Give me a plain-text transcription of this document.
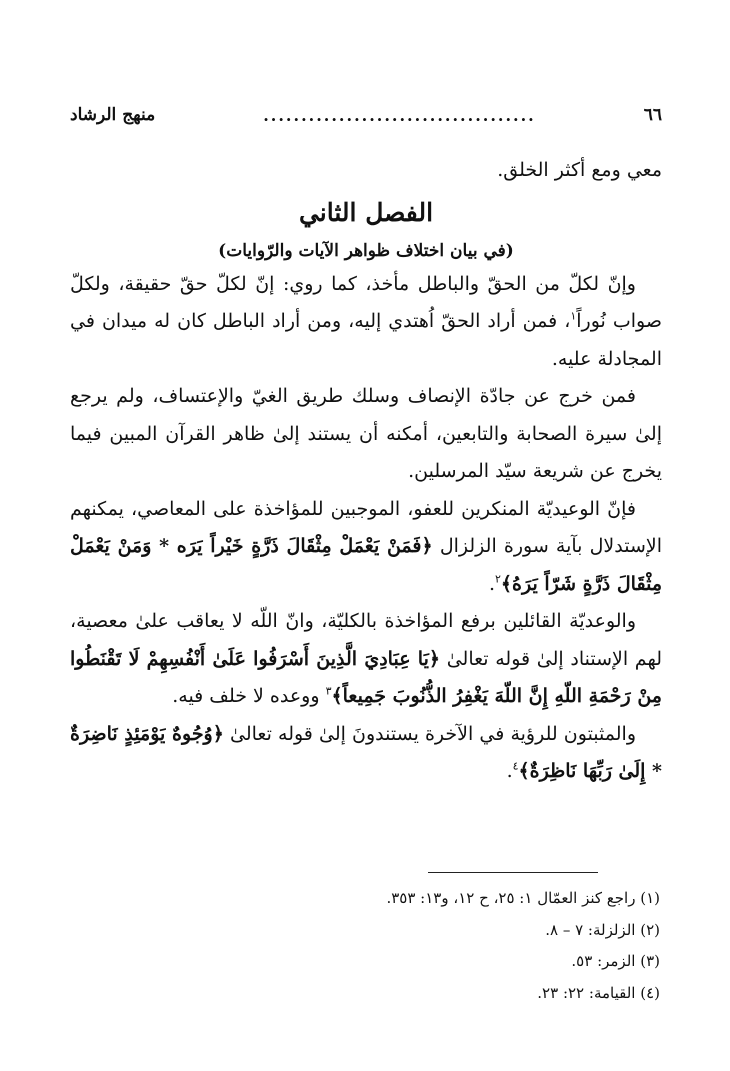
٦٦
....................................
منهج الرشاد

معي ومع أكثر الخلق.

الفصل الثاني

(في بيان اختلاف ظواهر الآيات والرّوايات)

وإنّ لكلّ من الحقّ والباطل مأخذ، كما روي: إنّ لكلّ حقّ حقيقة، ولكلّ صواب نُوراً$^١$، فمن أراد الحقّ اُهتدي إليه، ومن أراد الباطل كان له ميدان في المجادلة عليه.

فمن خرج عن جادّة الإنصاف وسلك طريق الغيّ والإعتساف، ولم يرجع إلىٰ سيرة الصحابة والتابعين، أمكنه أن يستند إلىٰ ظاهر القرآن المبين فيما يخرج عن شريعة سيّد المرسلين.

فإنّ الوعيديّة المنكرين للعفو، الموجبين للمؤاخذة على المعاصي، يمكنهم الإستدلال بآية سورة الزلزال ﴿فَمَنْ يَعْمَلْ مِثْقَالَ ذَرَّةٍ خَيْراً يَرَه * وَمَنْ يَعْمَلْ مِثْقَالَ ذَرَّةٍ شَرّاً يَرَهُ﴾$^٢$.

والوعديّة القائلين برفع المؤاخذة بالكليّة، وانّ اللّه لا يعاقب علىٰ معصية، لهم الإستناد إلىٰ قوله تعالىٰ ﴿يَا عِبَادِيَ الَّذِينَ أَسْرَفُوا عَلَىٰ أَنْفُسِهِمْ لَا تَقْنَطُوا مِنْ رَحْمَةِ اللّهِ إِنَّ اللّهَ يَغْفِرُ الذُّنُوبَ جَمِيعاً﴾$^٣$ ووعده لا خلف فيه.

والمثبتون للرؤية في الآخرة يستندونَ إلىٰ قوله تعالىٰ ﴿وُجُوهٌ يَوْمَئِذٍ نَاضِرَةٌ * إِلَىٰ رَبِّهَا نَاظِرَةٌ﴾$^٤$.

(١) راجع كنز العمّال ١: ٢٥، ح ١٢، و١٣: ٣٥٣.
(٢) الزلزلة: ٧ – ٨.
(٣) الزمر: ٥٣.
(٤) القيامة: ٢٢: ٢٣.
